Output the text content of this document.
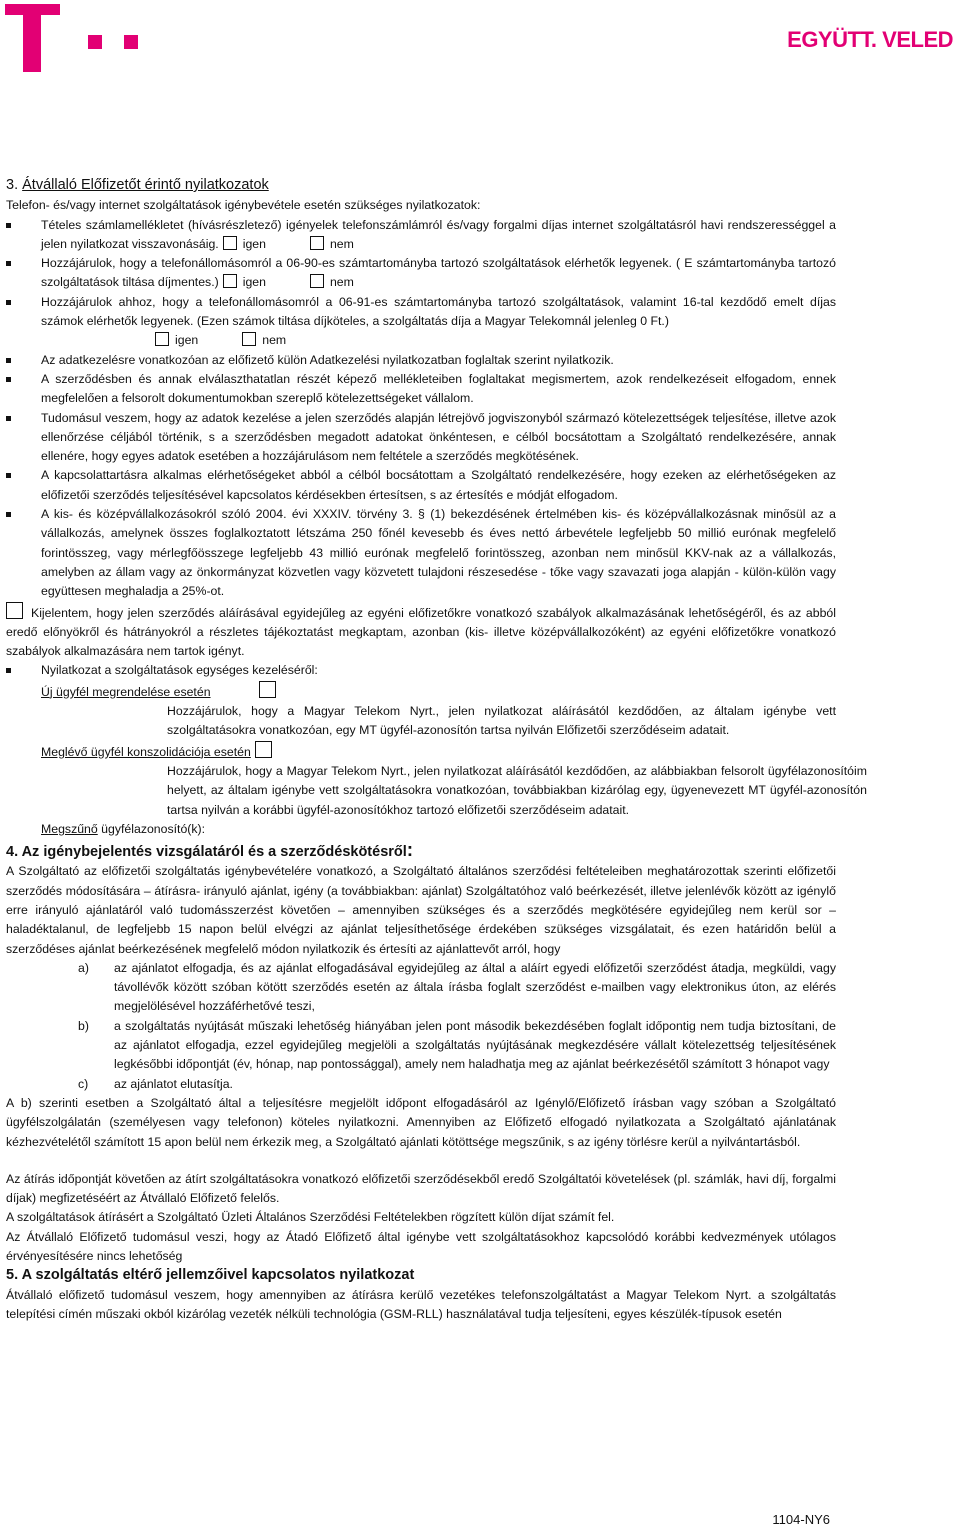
EGYÜTT. VELED
3. Átvállaló Előfizetőt érintő nyilatkozatok

Telefon- és/vagy internet szolgáltatások igénybevétele esetén szükséges nyilatkozatok:

Tételes számlamellékletet (hívásrészletező) igényelek telefonszámlámról és/vagy forgalmi díjas internet szolgáltatásról havi rendszerességgel a jelen nyilatkozat visszavonásáig. igen	nem

Hozzájárulok, hogy a telefonállomásomról a 06-90-es számtartományba tartozó szolgáltatások elérhetők legyenek. ( E számtartományba tartozó szolgáltatások tiltása díjmentes.) igen	nem

Hozzájárulok ahhoz, hogy a telefonállomásomról a 06-91-es számtartományba tartozó szolgáltatások, valamint 16-tal kezdődő emelt díjas számok elérhetők legyenek. (Ezen számok tiltása díjköteles, a szolgáltatás díja a Magyar Telekomnál jelenleg 0 Ft.)
igen	nem

Az adatkezelésre vonatkozóan az előfizető külön Adatkezelési nyilatkozatban foglaltak szerint nyilatkozik.

A szerződésben és annak elválaszthatatlan részét képező mellékleteiben foglaltakat megismertem, azok rendelkezéseit elfogadom, ennek megfelelően a felsorolt dokumentumokban szereplő kötelezettségeket vállalom.

Tudomásul veszem, hogy az adatok kezelése a jelen szerződés alapján létrejövő jogviszonyból származó kötelezettségek teljesítése, illetve azok ellenőrzése céljából történik, s a szerződésben megadott adatokat önkéntesen, e célból bocsátottam a Szolgáltató rendelkezésére, annak ellenére, hogy egyes adatok esetében a hozzájárulásom nem feltétele a szerződés megkötésének.

A kapcsolattartásra alkalmas elérhetőségeket abból a célból bocsátottam a Szolgáltató rendelkezésére, hogy ezeken az elérhetőségeken az előfizetői szerződés teljesítésével kapcsolatos kérdésekben értesítsen, s az értesítés e módját elfogadom.

A kis- és középvállalkozásokról szóló 2004. évi XXXIV. törvény 3. § (1) bekezdésének értelmében kis- és középvállalkozásnak minősül az a vállalkozás, amelynek összes foglalkoztatott létszáma 250 főnél kevesebb és éves nettó árbevétele legfeljebb 50 millió eurónak megfelelő forintösszeg, vagy mérlegfőösszege legfeljebb 43 millió eurónak megfelelő forintösszeg, azonban nem minősül KKV-nak az a vállalkozás, amelyben az állam vagy az önkormányzat közvetlen vagy közvetett tulajdoni részesedése - tőke vagy szavazati joga alapján - külön-külön vagy együttesen meghaladja a 25%-ot.

Kijelentem, hogy jelen szerződés aláírásával egyidejűleg az egyéni előfizetőkre vonatkozó szabályok alkalmazásának lehetőségéről, és az abból eredő előnyökről és hátrányokról a részletes tájékoztatást megkaptam, azonban (kis- illetve középvállalkozóként) az egyéni előfizetőkre vonatkozó szabályok alkalmazására nem tartok igényt.

Nyilatkozat a szolgáltatások egységes kezeléséről:

Új ügyfél megrendelése esetén

Hozzájárulok, hogy a Magyar Telekom Nyrt., jelen nyilatkozat aláírásától kezdődően, az általam igénybe vett szolgáltatásokra vonatkozóan, egy MT ügyfél-azonosítón tartsa nyilván Előfizetői szerződéseim adatait.

Meglévő ügyfél konszolidációja esetén

Hozzájárulok, hogy a Magyar Telekom Nyrt., jelen nyilatkozat aláírásától kezdődően, az alábbiakban felsorolt ügyfélazonosítóim helyett, az általam igénybe vett szolgáltatásokra vonatkozóan, továbbiakban kizárólag egy, ügyenevezett MT ügyfél-azonosítón tartsa nyilván a korábbi ügyfél-azonosítókhoz tartozó előfizetői szerződéseim adatait.

Megszűnő ügyfélazonosító(k):

4. Az igénybejelentés vizsgálatáról és a szerződéskötésről:

A Szolgáltató az előfizetői szolgáltatás igénybevételére vonatkozó, a Szolgáltató általános szerződési feltételeiben meghatározottak szerinti előfizetői szerződés módosítására – átírásra- irányuló ajánlat, igény (a továbbiakban: ajánlat) Szolgáltatóhoz való beérkezését, illetve jelenlévők között az igénylő erre irányuló ajánlatáról való tudomásszerzést követően – amennyiben szükséges és a szerződés megkötésére egyidejűleg nem kerül sor – haladéktalanul, de legfeljebb 15 napon belül elvégzi az ajánlat teljesíthetősége érdekében szükséges vizsgálatait, és ezen határidőn belül a szerződéses ajánlat beérkezésének megfelelő módon nyilatkozik és értesíti az ajánlattevőt arról, hogy

a) az ajánlatot elfogadja, és az ajánlat elfogadásával egyidejűleg az által a aláírt egyedi előfizetői szerződést átadja, megküldi, vagy távollévők között szóban kötött szerződés esetén az általa írásba foglalt szerződést e-mailben vagy elektronikus úton, az elérés megjelölésével hozzáférhetővé teszi,

b) a szolgáltatás nyújtását műszaki lehetőség hiányában jelen pont második bekezdésében foglalt időpontig nem tudja biztosítani, de az ajánlatot elfogadja, ezzel egyidejűleg megjelöli a szolgáltatás nyújtásának megkezdésére vállalt kötelezettség teljesítésének legkésőbbi időpontját (év, hónap, nap pontossággal), amely nem haladhatja meg az ajánlat beérkezésétől számított 3 hónapot vagy

c) az ajánlatot elutasítja.

A b) szerinti esetben a Szolgáltató által a teljesítésre megjelölt időpont elfogadásáról az Igénylő/Előfizető írásban vagy szóban a Szolgáltató ügyfélszolgálatán (személyesen vagy telefonon) köteles nyilatkozni. Amennyiben az Előfizető elfogadó nyilatkozata a Szolgáltató ajánlatának kézhezvételétől számított 15 apon belül nem érkezik meg, a Szolgáltató ajánlati kötöttsége megszűnik, s az igény törlésre kerül a nyilvántartásból.

Az átírás időpontját követően az átírt szolgáltatásokra vonatkozó előfizetői szerződésekből eredő Szolgáltatói követelések (pl. számlák, havi díj, forgalmi díjak) megfizetéséért az Átvállaló Előfizető felelős.

A szolgáltatások átírásért a Szolgáltató Üzleti Általános Szerződési Feltételekben rögzített külön díjat számít fel.

Az Átvállaló Előfizető tudomásul veszi, hogy az Átadó Előfizető által igénybe vett szolgáltatásokhoz kapcsolódó korábbi kedvezmények utólagos érvényesítésére nincs lehetőség

5. A szolgáltatás eltérő jellemzőivel kapcsolatos nyilatkozat

Átvállaló előfizető tudomásul veszem, hogy amennyiben az átírásra kerülő vezetékes telefonszolgáltatást a Magyar Telekom Nyrt. a szolgáltatás telepítési címén műszaki okból kizárólag vezeték nélküli technológia (GSM-RLL) használatával tudja teljesíteni, egyes készülék-típusok esetén

1104-NY6
